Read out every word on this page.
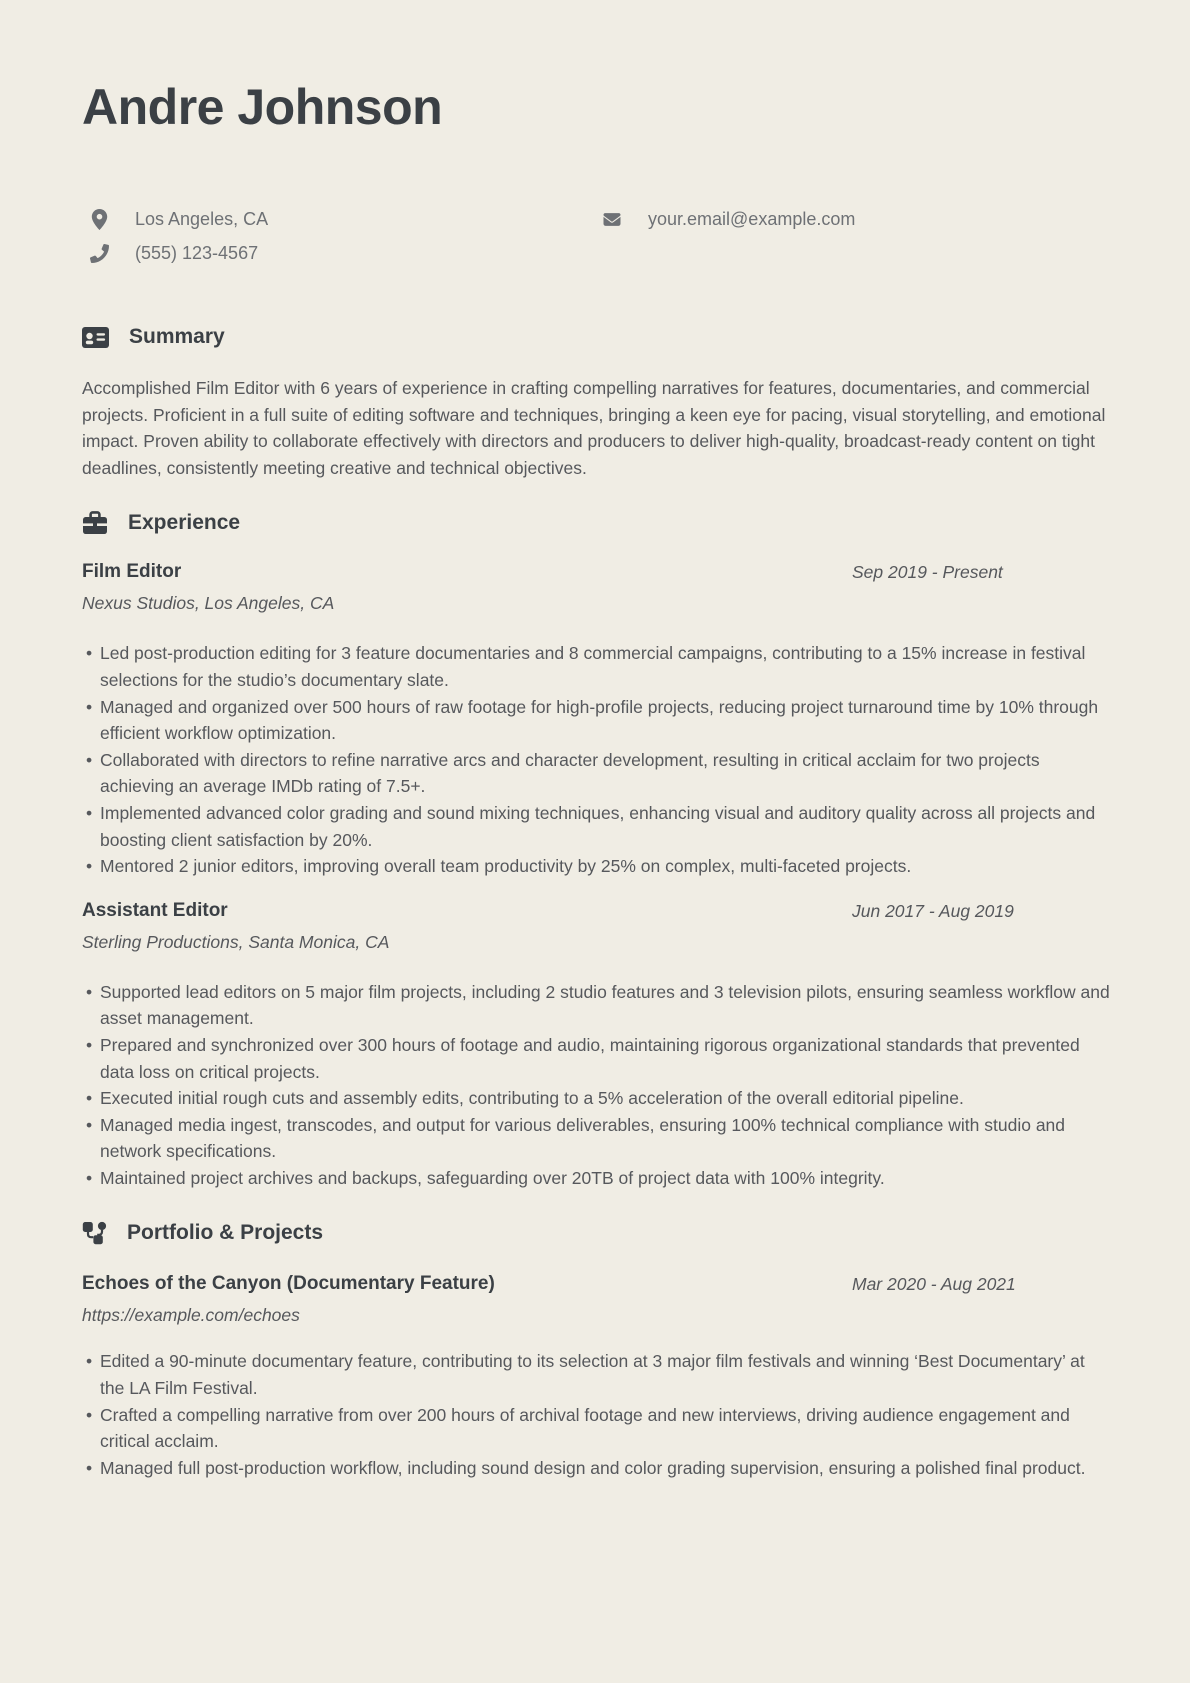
Andre Johnson
Los Angeles, CA	your.email@example.com
(555) 123-4567
Summary

Accomplished Film Editor with 6 years of experience in crafting compelling narratives for features, documentaries, and commercial projects. Proficient in a full suite of editing software and techniques, bringing a keen eye for pacing, visual storytelling, and emotional impact. Proven ability to collaborate effectively with directors and producers to deliver high-quality, broadcast-ready content on tight deadlines, consistently meeting creative and technical objectives.

Experience
Film Editor	Sep 2019 - Present
Nexus Studios, Los Angeles, CA
• Led post-production editing for 3 feature documentaries and 8 commercial campaigns, contributing to a 15% increase in festival selections for the studio’s documentary slate.
• Managed and organized over 500 hours of raw footage for high-profile projects, reducing project turnaround time by 10% through efficient workflow optimization.
• Collaborated with directors to refine narrative arcs and character development, resulting in critical acclaim for two projects achieving an average IMDb rating of 7.5+.
• Implemented advanced color grading and sound mixing techniques, enhancing visual and auditory quality across all projects and boosting client satisfaction by 20%.
• Mentored 2 junior editors, improving overall team productivity by 25% on complex, multi-faceted projects.
Assistant Editor	Jun 2017 - Aug 2019
Sterling Productions, Santa Monica, CA
• Supported lead editors on 5 major film projects, including 2 studio features and 3 television pilots, ensuring seamless workflow and asset management.
• Prepared and synchronized over 300 hours of footage and audio, maintaining rigorous organizational standards that prevented data loss on critical projects.
• Executed initial rough cuts and assembly edits, contributing to a 5% acceleration of the overall editorial pipeline.
• Managed media ingest, transcodes, and output for various deliverables, ensuring 100% technical compliance with studio and network specifications.
• Maintained project archives and backups, safeguarding over 20TB of project data with 100% integrity.
Portfolio & Projects
Echoes of the Canyon (Documentary Feature)	Mar 2020 - Aug 2021
https://example.com/echoes
• Edited a 90-minute documentary feature, contributing to its selection at 3 major film festivals and winning ‘Best Documentary’ at the LA Film Festival.
• Crafted a compelling narrative from over 200 hours of archival footage and new interviews, driving audience engagement and critical acclaim.
• Managed full post-production workflow, including sound design and color grading supervision, ensuring a polished final product.
